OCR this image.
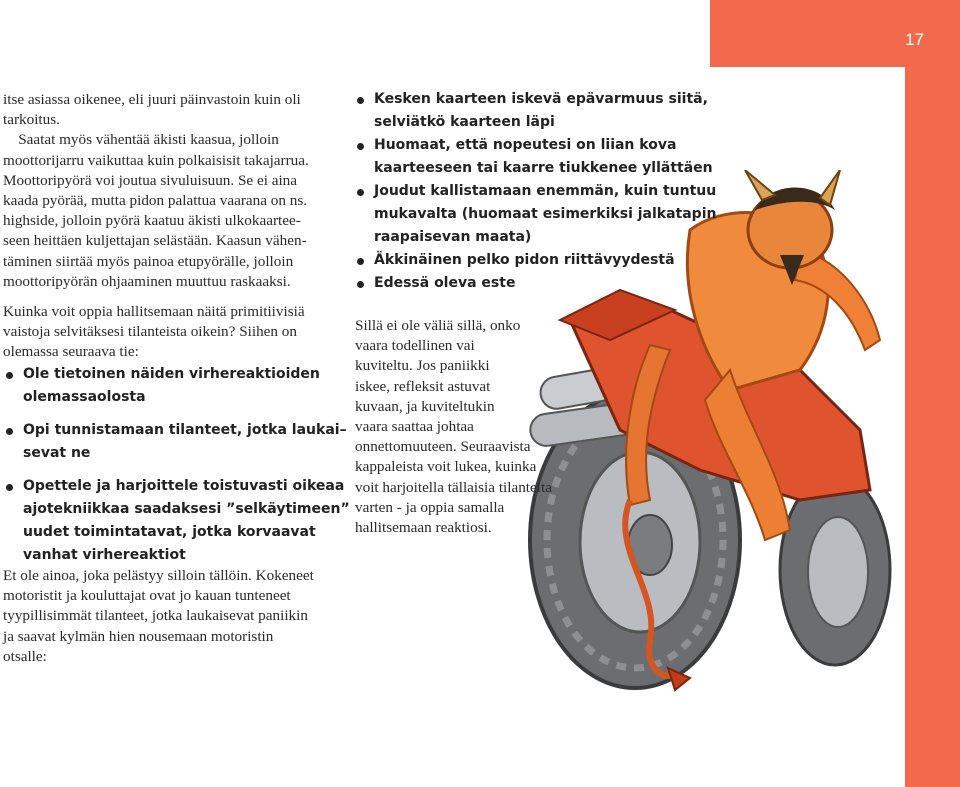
17

itse asiassa oikenee, eli juuri päinvastoin kuin oli
tarkoitus.
Saatat myös vähentää äkisti kaasua, jolloin
moottorijarru vaikuttaa kuin polkaisisit takajarrua.
Moottoripyörä voi joutua sivuluisuun. Se ei aina
kaada pyörää, mutta pidon palattua vaarana on ns.
highside, jolloin pyörä kaatuu äkisti ulkokaartee-
seen heittäen kuljettajan selästään. Kaasun vähen-
täminen siirtää myös painoa etupyörälle, jolloin
moottoripyörän ohjaaminen muuttuu raskaaksi.

Kuinka voit oppia hallitsemaan näitä primitiivisiä
vaistoja selvitäksesi tilanteista oikein? Siihen on
olemassa seuraava tie:

Ole tietoinen näiden virhereaktioiden
olemassaolosta
Opi tunnistamaan tilanteet, jotka laukai–
sevat ne
Opettele ja harjoittele toistuvasti oikeaa
ajotekniikkaa saadaksesi ”selkäytimeen”
uudet toimintatavat, jotka korvaavat
vanhat virhereaktiot

Et ole ainoa, joka pelästyy silloin tällöin. Kokeneet
motoristit ja kouluttajat ovat jo kauan tunteneet
tyypillisimmät tilanteet, jotka laukaisevat paniikin
ja saavat kylmän hien nousemaan motoristin
otsalle:

Kesken kaarteen iskevä epävarmuus siitä,
selviätkö kaarteen läpi
Huomaat, että nopeutesi on liian kova
kaarteeseen tai kaarre tiukkenee yllättäen
Joudut kallistamaan enemmän, kuin tuntuu
mukavalta (huomaat esimerkiksi jalkatapin
raapaisevan maata)
Äkkinäinen pelko pidon riittävyydestä
Edessä oleva este

Sillä ei ole väliä sillä, onko
vaara todellinen vai
kuviteltu. Jos paniikki
iskee, refleksit astuvat
kuvaan, ja kuviteltukin
vaara saattaa johtaa
onnettomuuteen. Seuraavista
kappaleista voit lukea, kuinka
voit harjoitella tällaisia tilanteita
varten - ja oppia samalla
hallitsemaan reaktiosi.
